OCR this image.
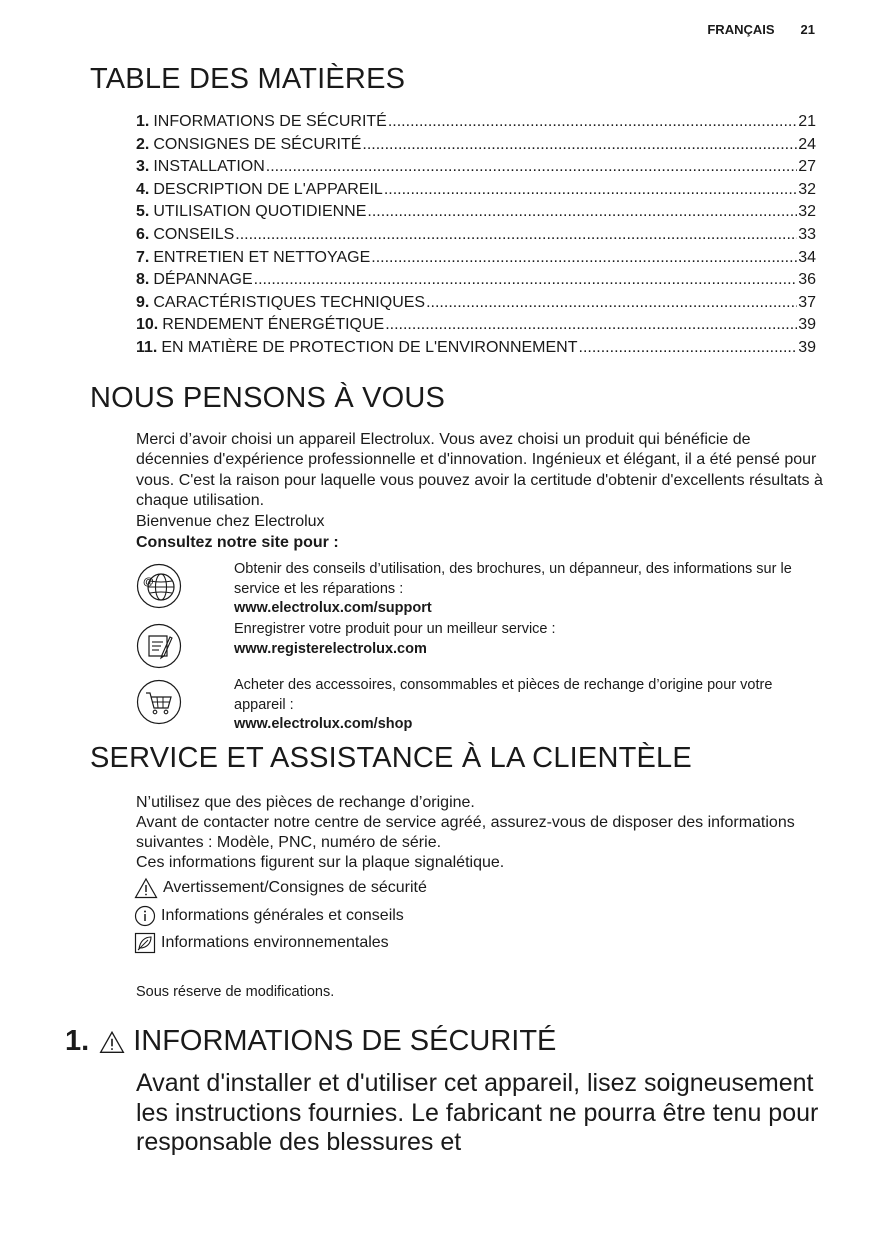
FRANÇAIS 21
TABLE DES MATIÈRES
1. INFORMATIONS DE SÉCURITÉ .....	21
2. CONSIGNES DE SÉCURITÉ .....	24
3. INSTALLATION .....	27
4. DESCRIPTION DE L'APPAREIL .....	32
5. UTILISATION QUOTIDIENNE .....	32
6. CONSEILS .....	33
7. ENTRETIEN ET NETTOYAGE .....	34
8. DÉPANNAGE .....	36
9. CARACTÉRISTIQUES TECHNIQUES .....	37
10. RENDEMENT ÉNERGÉTIQUE .....	39
11. EN MATIÈRE DE PROTECTION DE L'ENVIRONNEMENT .....	39
NOUS PENSONS À VOUS

Merci d’avoir choisi un appareil Electrolux. Vous avez choisi un produit qui bénéficie de décennies d'expérience professionnelle et d'innovation. Ingénieux et élégant, il a été pensé pour vous. C'est la raison pour laquelle vous pouvez avoir la certitude d'obtenir d'excellents résultats à chaque utilisation.

Bienvenue chez Electrolux

Consultez notre site pour :

@
Obtenir des conseils d’utilisation, des brochures, un dépanneur, des informations sur le service et les réparations :
www.electrolux.com/support
Enregistrer votre produit pour un meilleur service :
www.registerelectrolux.com
Acheter des accessoires, consommables et pièces de rechange d’origine pour votre appareil :
www.electrolux.com/shop
SERVICE ET ASSISTANCE À LA CLIENTÈLE

N’utilisez que des pièces de rechange d’origine.

Avant de contacter notre centre de service agréé, assurez-vous de disposer des informations suivantes : Modèle, PNC, numéro de série.

Ces informations figurent sur la plaque signalétique.

Avertissement/Consignes de sécurité
Informations générales et conseils
Informations environnementales
Sous réserve de modifications.
1. INFORMATIONS DE SÉCURITÉ

Avant d'installer et d'utiliser cet appareil, lisez soigneusement les instructions fournies. Le fabricant ne pourra être tenu pour responsable des blessures et
